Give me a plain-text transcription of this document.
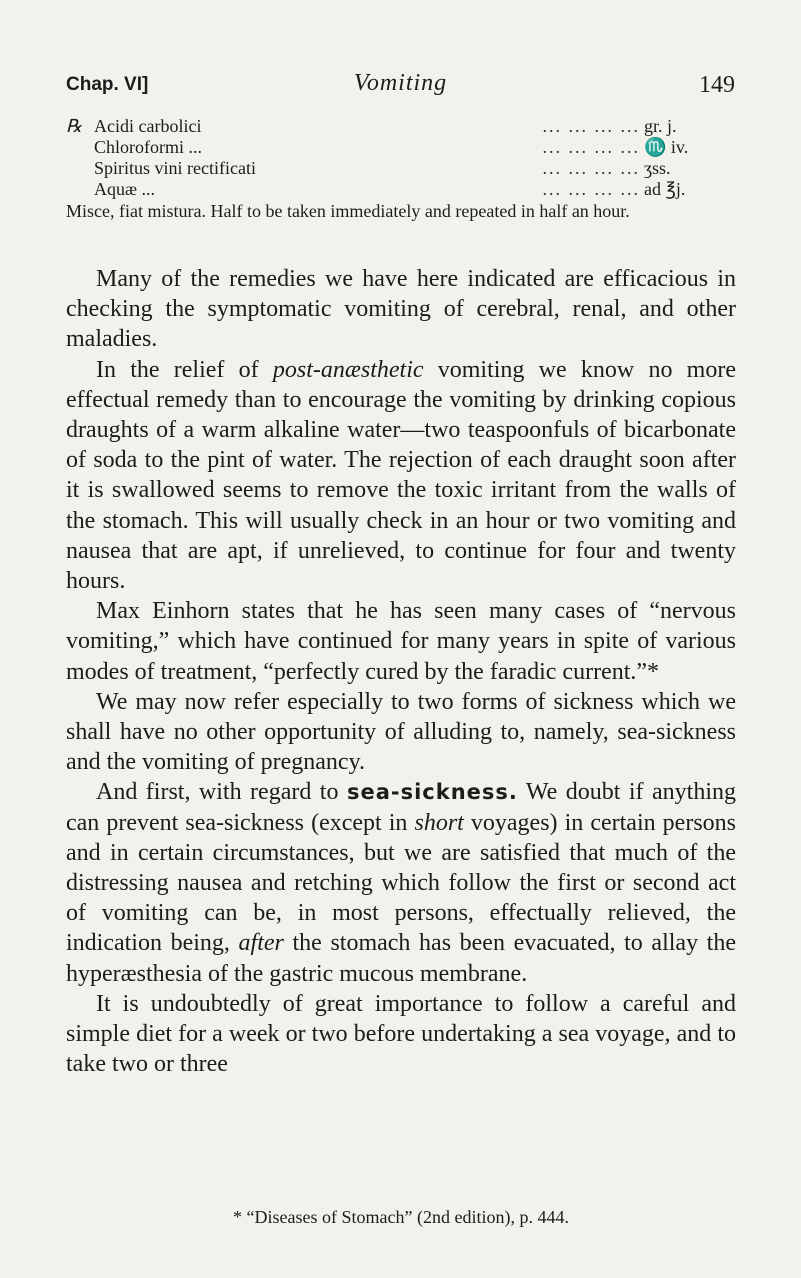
Chap. VI]	Vomiting	149
℞ Acidi carbolici	... ... ... ... gr. j.
Chloroformi ...	... ... ... ... ♏ iv.
Spiritus vini rectificati	... ... ... ... ʒss.
Aquæ ...	... ... ... ... ad ℥j.
Misce, fiat mistura. Half to be taken immediately and repeated in half an hour.

Many of the remedies we have here indicated are efficacious in checking the symptomatic vomiting of cerebral, renal, and other maladies.

In the relief of post-anæsthetic vomiting we know no more effectual remedy than to encourage the vomiting by drinking copious draughts of a warm alkaline water—two teaspoonfuls of bicarbonate of soda to the pint of water. The rejection of each draught soon after it is swallowed seems to remove the toxic irritant from the walls of the stomach. This will usually check in an hour or two vomiting and nausea that are apt, if unrelieved, to continue for four and twenty hours.

Max Einhorn states that he has seen many cases of “nervous vomiting,” which have continued for many years in spite of various modes of treatment, “perfectly cured by the faradic current.”*

We may now refer especially to two forms of sickness which we shall have no other opportunity of alluding to, namely, sea-sickness and the vomiting of pregnancy.

And first, with regard to sea-sickness. We doubt if anything can prevent sea-sickness (except in short voyages) in certain persons and in certain circumstances, but we are satisfied that much of the distressing nausea and retching which follow the first or second act of vomiting can be, in most persons, effectually relieved, the indication being, after the stomach has been evacuated, to allay the hyperæsthesia of the gastric mucous membrane.

It is undoubtedly of great importance to follow a careful and simple diet for a week or two before undertaking a sea voyage, and to take two or three

* “Diseases of Stomach” (2nd edition), p. 444.
